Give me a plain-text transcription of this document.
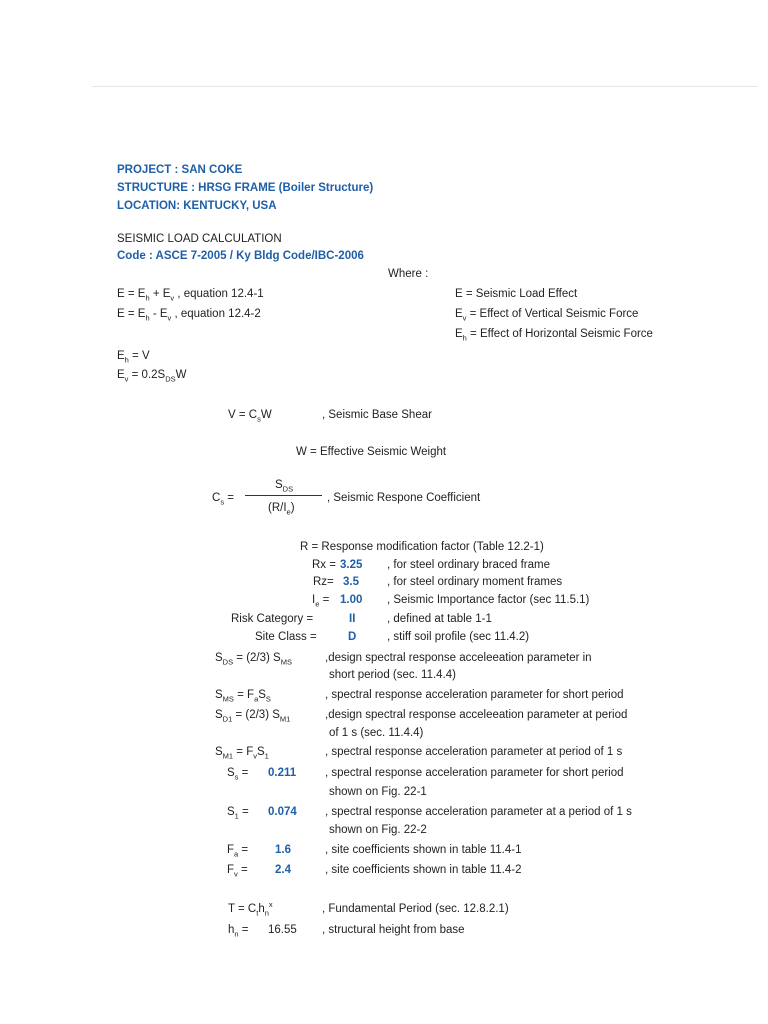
PROJECT : SAN COKE
STRUCTURE : HRSG FRAME (Boiler Structure)
LOCATION: KENTUCKY, USA
SEISMIC LOAD CALCULATION
Code : ASCE 7-2005 / Ky Bldg Code/IBC-2006
Where :
$E = E_h + E_v$ , equation 12.4-1
$E = E_h - E_v$ , equation 12.4-2
E = Seismic Load Effect
$E_v$ = Effect of Vertical Seismic Force
$E_h$ = Effect of Horizontal Seismic Force
$E_h = V$
$E_v = 0.2S_{DS}W$
$V = C_sW$	, Seismic Base Shear
W = Effective Seismic Weight
$C_s$ =
$S_{DS}$
$(R/I_e)$
, Seismic Respone Coefficient
R = Response modification factor (Table 12.2-1)
Rx = 3.25 , for steel ordinary braced frame
Rz= 3.5 , for steel ordinary moment frames
$I_e = 1.00$ , Seismic Importance factor (sec 11.5.1)
Risk Category =	II	, defined at table 1-1
Site Class =	D	, stiff soil profile (sec 11.4.2)
$S_{DS} = (2/3)$ $S_{MS}$	,design spectral response acceleeation parameter in
short period (sec. 11.4.4)
$S_{MS} = F_aS_S$	, spectral response acceleration parameter for short period
$S_{D1} = (2/3)$ $S_{M1}$	,design spectral response acceleeation parameter at period
of 1 s (sec. 11.4.4)
$S_{M1} = F_vS_1$	, spectral response acceleration parameter at period of 1 s
$S_s = 0.211$	, spectral response acceleration parameter for short period
shown on Fig. 22-1
$S_1 = 0.074$ , spectral response acceleration parameter at a period of 1 s
shown on Fig. 22-2
$F_a = 1.6$	, site coefficients shown in table 11.4-1
$F_v = 2.4$	, site coefficients shown in table 11.4-2
$T = C_th_n^x$	, Fundamental Period (sec. 12.8.2.1)
$h_n = 16.55$ , structural height from base
